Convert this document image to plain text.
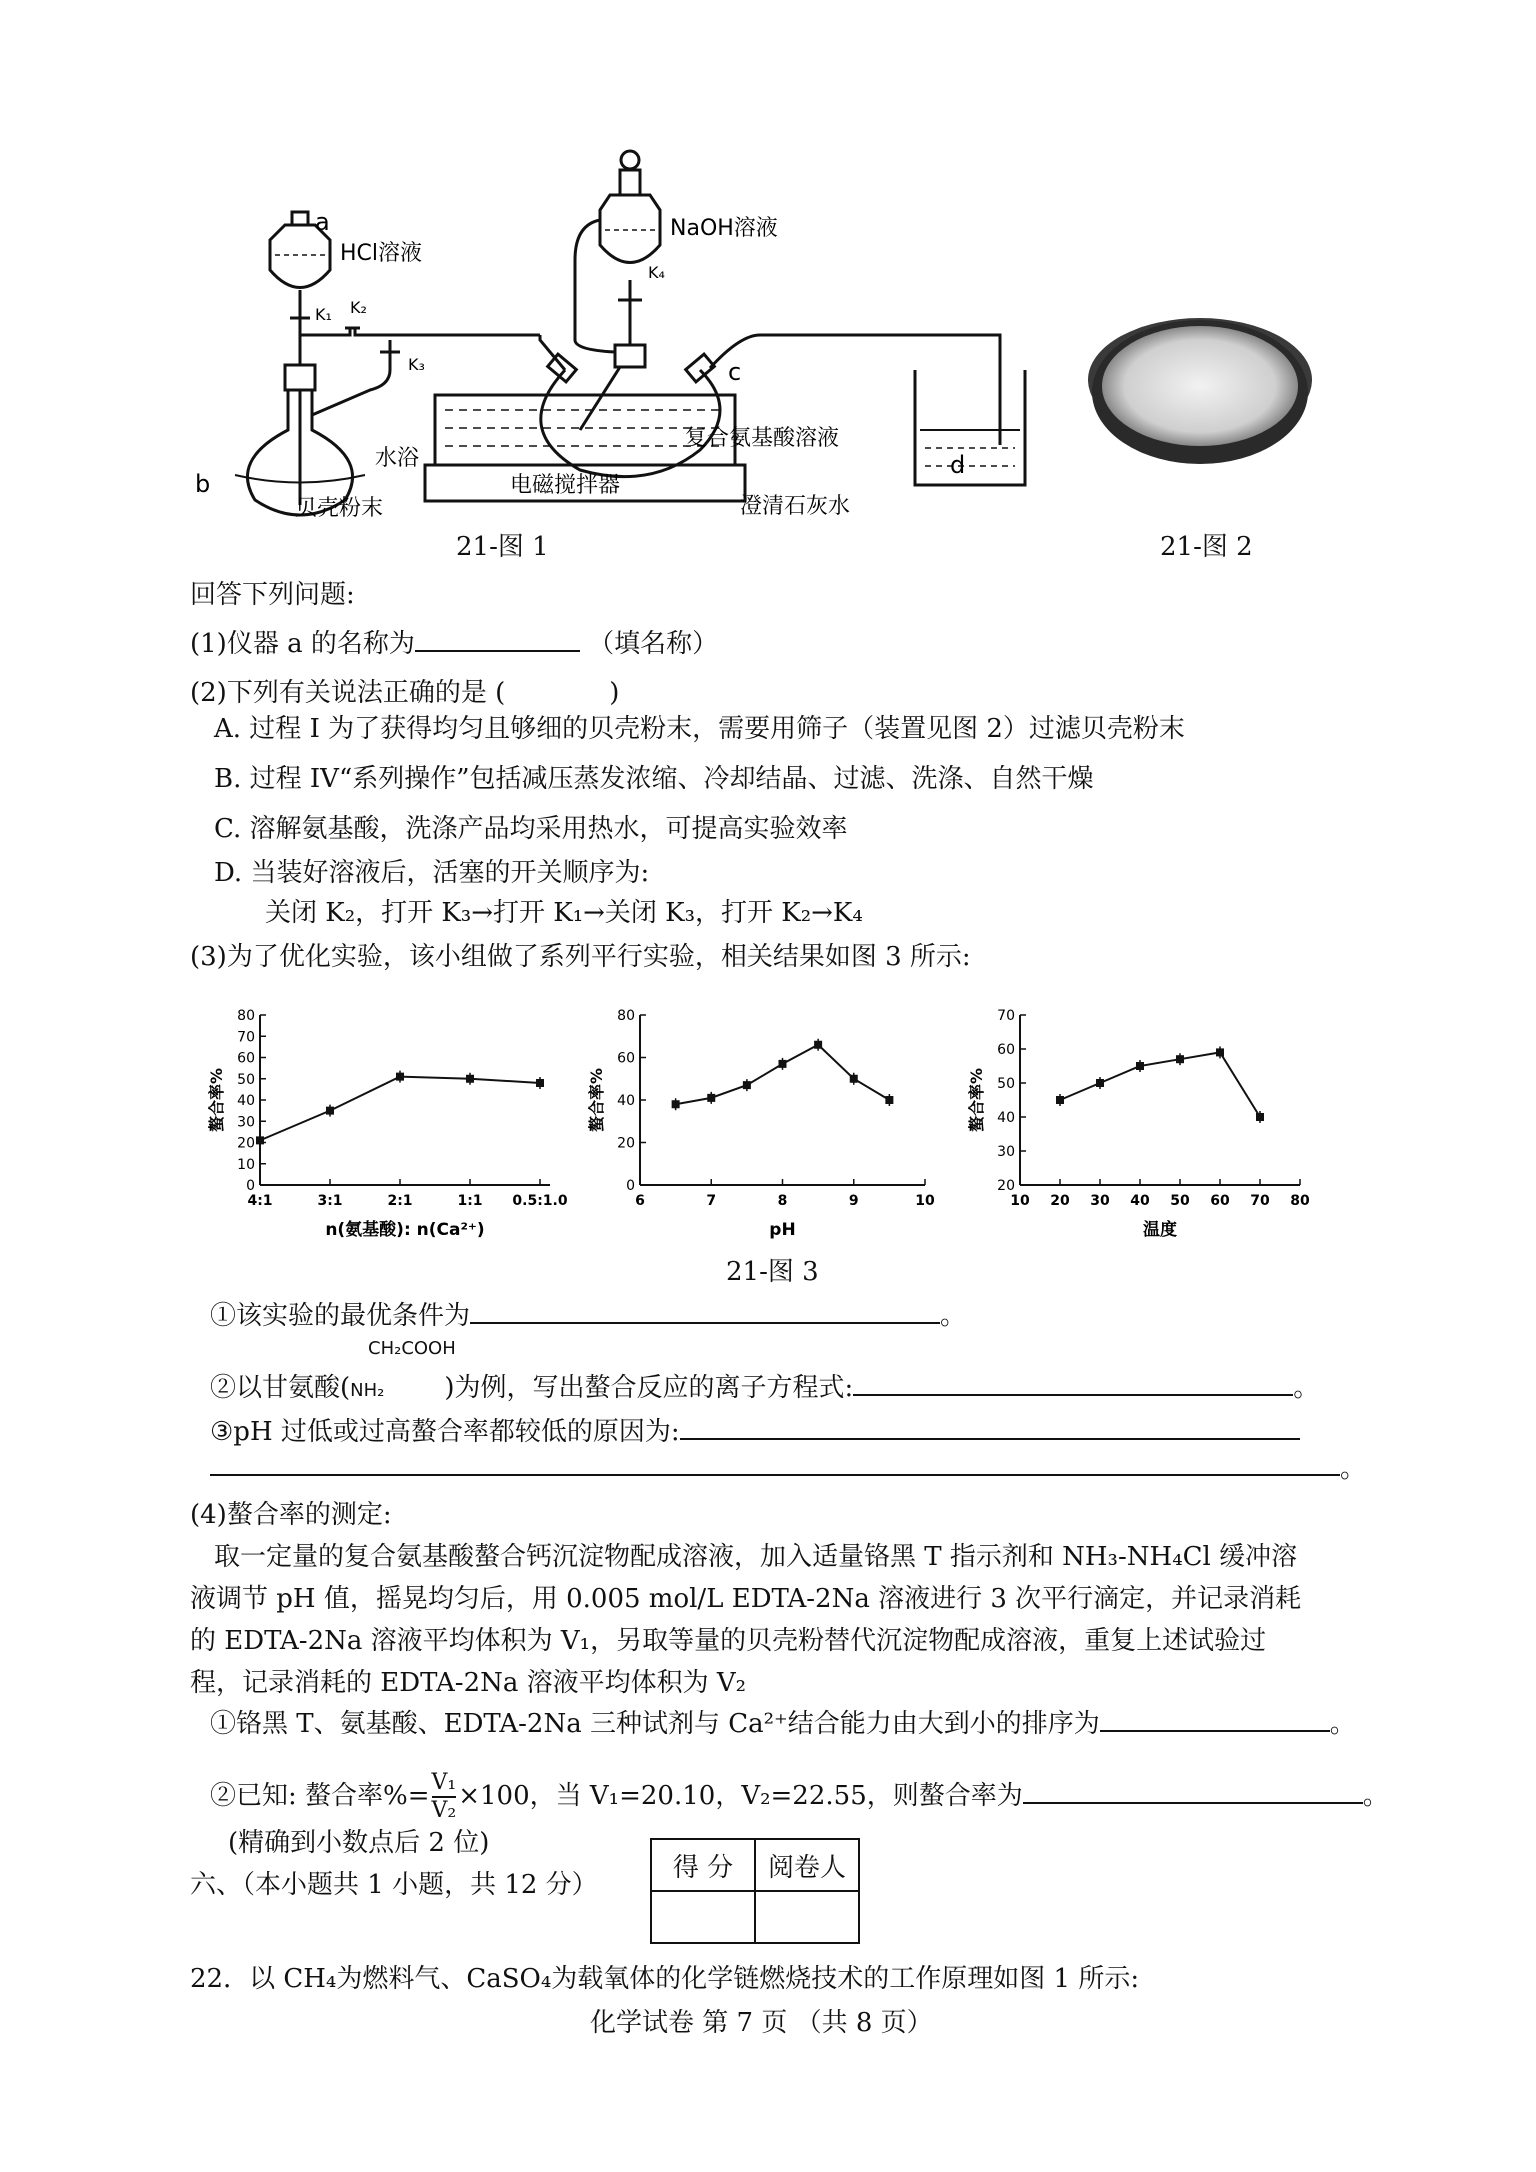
a
HCl溶液
K₁ K₂
K₃
b
贝壳粉末
NaOH溶液
K₄
c
水浴
复合氨基酸溶液
电磁搅拌器
澄清石灰水
d
21-图 1	21-图 2
回答下列问题:
(1)仪器 a 的名称为	（填名称）
(2)下列有关说法正确的是 (　　　　)
A. 过程 I 为了获得均匀且够细的贝壳粉末，需要用筛子（装置见图 2）过滤贝壳粉末
B. 过程 IV“系列操作”包括减压蒸发浓缩、冷却结晶、过滤、洗涤、自然干燥
C. 溶解氨基酸，洗涤产品均采用热水，可提高实验效率
D. 当装好溶液后，活塞的开关顺序为:
关闭 K₂，打开 K₃→打开 K₁→关闭 K₃，打开 K₂→K₄
(3)为了优化实验，该小组做了系列平行实验，相关结果如图 3 所示:
0
10
20
30
40
50
60
70
80
4:1	3:1	2:1	1:1 0.5:1.0
螯合率%
n(氨基酸): n(Ca²⁺)
0
20
40
60
80
6	7	8	9	10
螯合率%
pH
20
30
40
50
60
70
10 20 30 40 50 60 70 80
螯合率%
温度
21-图 3
①该实验的最优条件为	。
CH₂COOH
②以甘氨酸(NH₂ )为例，写出螯合反应的离子方程式:	。
③pH 过低或过高螯合率都较低的原因为:
。
(4)螯合率的测定:
取一定量的复合氨基酸螯合钙沉淀物配成溶液，加入适量铬黑 T 指示剂和 NH₃-NH₄Cl 缓冲溶
液调节 pH 值，摇晃均匀后，用 0.005 mol/L EDTA-2Na 溶液进行 3 次平行滴定，并记录消耗
的 EDTA-2Na 溶液平均体积为 V₁，另取等量的贝壳粉替代沉淀物配成溶液，重复上述试验过
程，记录消耗的 EDTA-2Na 溶液平均体积为 V₂
①铬黑 T、氨基酸、EDTA-2Na 三种试剂与 Ca²⁺结合能力由大到小的排序为	。
②已知: 螯合率%= $\frac{\text{V₁}}{\text{V₂}} \times 100$，当 V₁=20.10，V₂=22.55，则螯合率为	。
(精确到小数点后 2 位)
六、（本小题共 1 小题，共 12 分）
得 分	阅卷人

22．以 CH₄为燃料气、CaSO₄为载氧体的化学链燃烧技术的工作原理如图 1 所示:
化学试卷 第 7 页 （共 8 页）
